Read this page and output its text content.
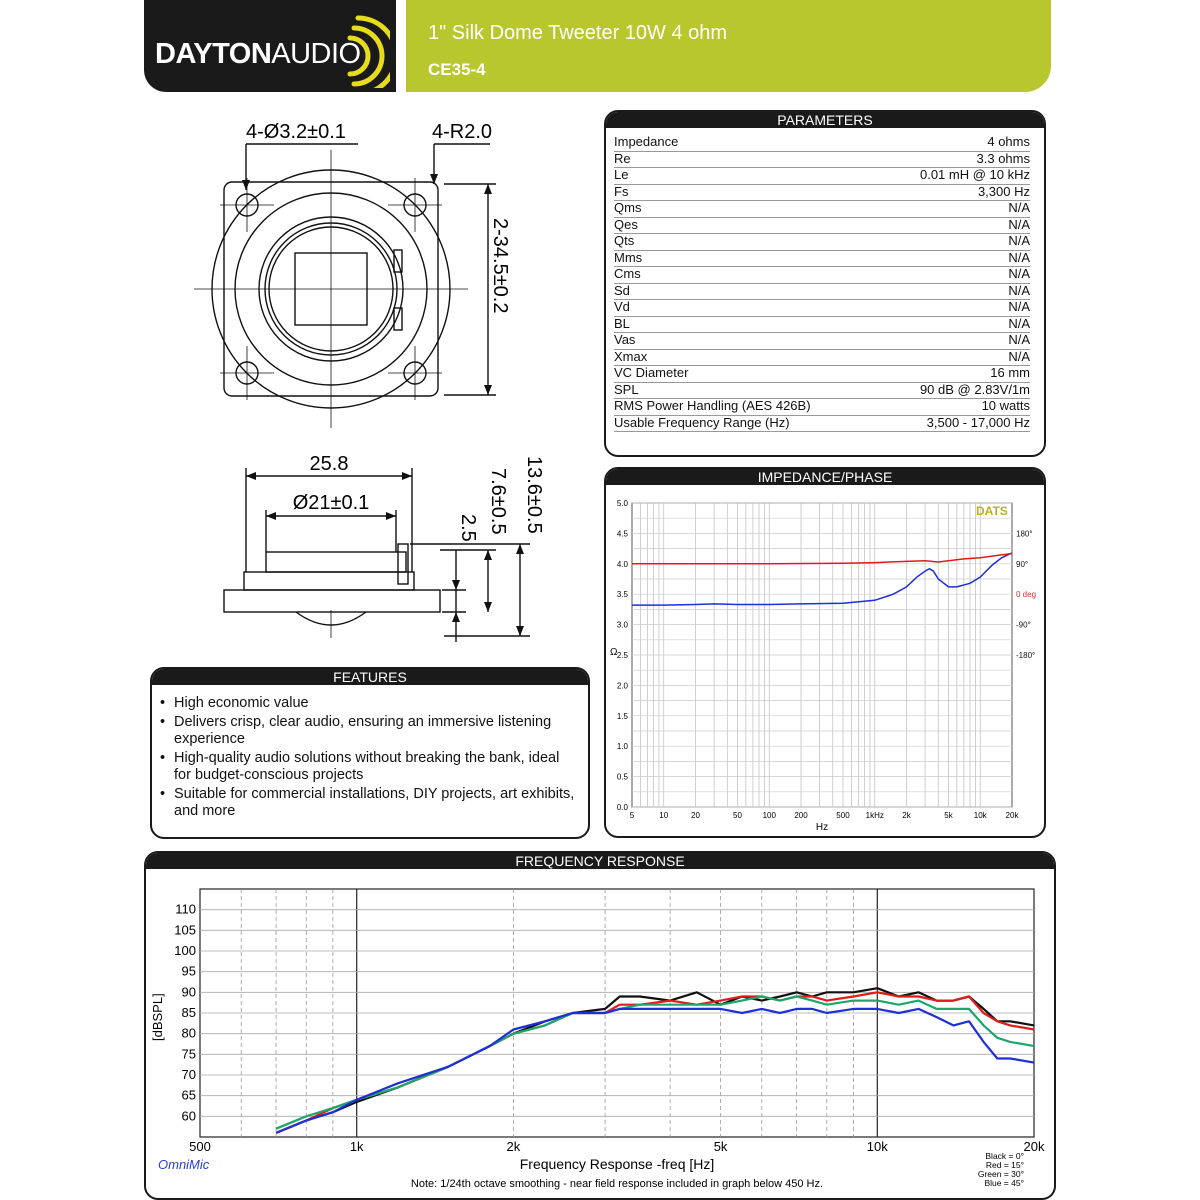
DAYTONAUDIO
1" Silk Dome Tweeter 10W 4 ohm
CE35-4
4-Ø3.2±0.1	4-R2.0
2-34.5±0.2
25.8
Ø21±0.1
2.5 7.6±0.5 13.6±0.5
PARAMETERS
Impedance	4 ohms
Re	3.3 ohms
Le	0.01 mH @ 10 kHz
Fs	3,300 Hz
Qms	N/A
Qes	N/A
Qts	N/A
Mms	N/A
Cms	N/A
Sd	N/A
Vd	N/A
BL	N/A
Vas	N/A
Xmax	N/A
VC Diameter	16 mm
SPL	90 dB @ 2.83V/1m
RMS Power Handling (AES 426B)	10 watts
Usable Frequency Range (Hz)	3,500 - 17,000 Hz
FEATURES
• High economic value
• Delivers crisp, clear audio, ensuring an immersive listening experience
• High-quality audio solutions without breaking the bank, ideal for budget-conscious projects
• Suitable for commercial installations, DIY projects, art exhibits, and more
IMPEDANCE/PHASE
5	10	20	50	100 200	500 1kHz 2k	5k	10k 20k
0.0
0.5
1.0
1.5
2.0
2.5
3.0
3.5
4.0
4.5
5.0
180°
90°
0 deg
-90°
-180°
Hz
Ω
DATS
FREQUENCY RESPONSE
60
65
70
75
80
85
90
95
100
105
110
500	1k	2k	5k	10k	20k
Frequency Response -freq [Hz]
[dBSPL]
OmniMic
Note: 1/24th octave smoothing - near field response included in graph below 450 Hz.
Black = 0°
Red = 15°
Green = 30°
Blue = 45°
